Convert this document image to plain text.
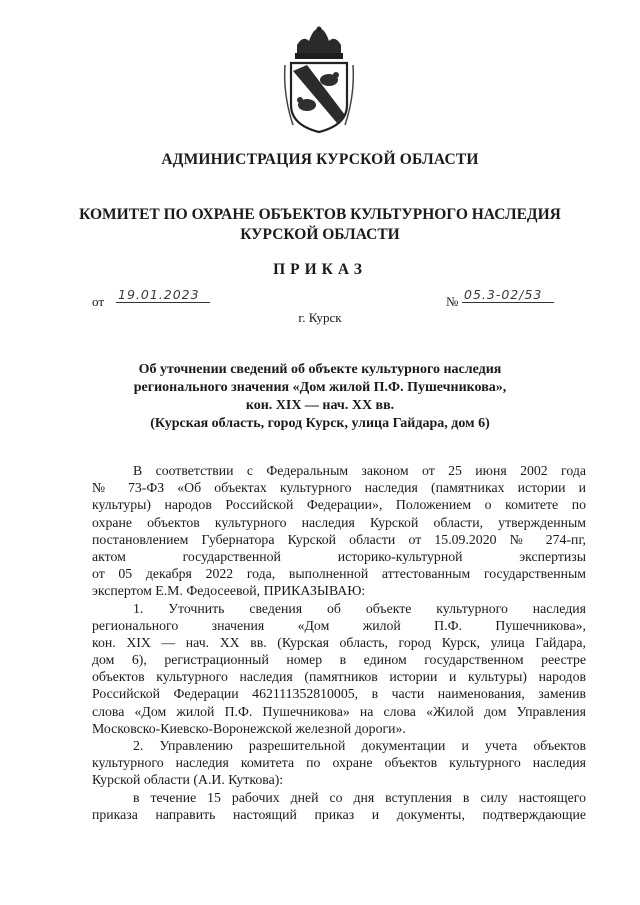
АДМИНИСТРАЦИЯ КУРСКОЙ ОБЛАСТИ
КОМИТЕТ ПО ОХРАНЕ ОБЪЕКТОВ КУЛЬТУРНОГО НАСЛЕДИЯ
КУРСКОЙ ОБЛАСТИ
ПРИКАЗ
от 19.01.2023	№ 05.3-02/53
г. Курск
Об уточнении сведений об объекте культурного наследия
регионального значения «Дом жилой П.Ф. Пушечникова»,
кон. XIX — нач. XX вв.
(Курская область, город Курск, улица Гайдара, дом 6)
В соответствии с Федеральным законом от 25 июня 2002 года
№ 73-ФЗ «Об объектах культурного наследия (памятниках истории и
культуры) народов Российской Федерации», Положением о комитете по
охране объектов культурного наследия Курской области, утвержденным
постановлением Губернатора Курской области от 15.09.2020 № 274-пг,
актом государственной историко-культурной экспертизы
от 05 декабря 2022 года, выполненной аттестованным государственным
экспертом Е.М. Федосеевой, ПРИКАЗЫВАЮ:
1. Уточнить сведения об объекте культурного наследия
регионального значения «Дом жилой П.Ф. Пушечникова»,
кон. XIX — нач. XX вв. (Курская область, город Курск, улица Гайдара,
дом 6), регистрационный номер в едином государственном реестре
объектов культурного наследия (памятников истории и культуры) народов
Российской Федерации 462111352810005, в части наименования, заменив
слова «Дом жилой П.Ф. Пушечникова» на слова «Жилой дом Управления
Московско-Киевско-Воронежской железной дороги».
2. Управлению разрешительной документации и учета объектов
культурного наследия комитета по охране объектов культурного наследия
Курской области (А.И. Куткова):
в течение 15 рабочих дней со дня вступления в силу настоящего
приказа направить настоящий приказ и документы, подтверждающие
